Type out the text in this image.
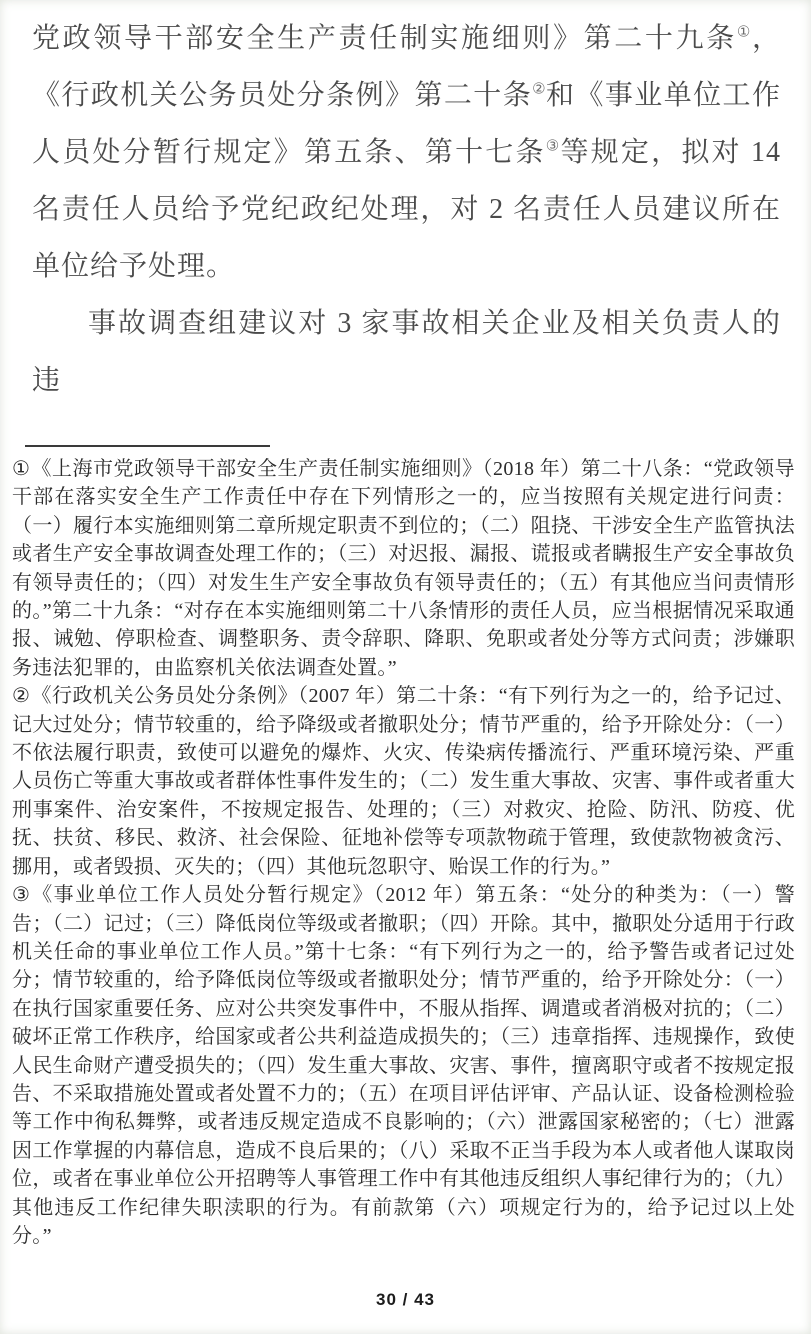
党政领导干部安全生产责任制实施细则》第二十九条①，《行政机关公务员处分条例》第二十条②和《事业单位工作人员处分暂行规定》第五条、第十七条③等规定，拟对 14 名责任人员给予党纪政纪处理，对 2 名责任人员建议所在单位给予处理。

事故调查组建议对 3 家事故相关企业及相关负责人的违

①《上海市党政领导干部安全生产责任制实施细则》（2018 年）第二十八条：“党政领导干部在落实安全生产工作责任中存在下列情形之一的，应当按照有关规定进行问责：（一）履行本实施细则第二章所规定职责不到位的；（二）阻挠、干涉安全生产监管执法或者生产安全事故调查处理工作的；（三）对迟报、漏报、谎报或者瞒报生产安全事故负有领导责任的；（四）对发生生产安全事故负有领导责任的；（五）有其他应当问责情形的。”第二十九条：“对存在本实施细则第二十八条情形的责任人员，应当根据情况采取通报、诫勉、停职检查、调整职务、责令辞职、降职、免职或者处分等方式问责；涉嫌职务违法犯罪的，由监察机关依法调查处置。”

②《行政机关公务员处分条例》（2007 年）第二十条：“有下列行为之一的，给予记过、记大过处分；情节较重的，给予降级或者撤职处分；情节严重的，给予开除处分：（一）不依法履行职责，致使可以避免的爆炸、火灾、传染病传播流行、严重环境污染、严重人员伤亡等重大事故或者群体性事件发生的；（二）发生重大事故、灾害、事件或者重大刑事案件、治安案件，不按规定报告、处理的；（三）对救灾、抢险、防汛、防疫、优抚、扶贫、移民、救济、社会保险、征地补偿等专项款物疏于管理，致使款物被贪污、挪用，或者毁损、灭失的；（四）其他玩忽职守、贻误工作的行为。”

③《事业单位工作人员处分暂行规定》（2012 年）第五条：“处分的种类为：（一）警告；（二）记过；（三）降低岗位等级或者撤职；（四）开除。其中，撤职处分适用于行政机关任命的事业单位工作人员。”第十七条：“有下列行为之一的，给予警告或者记过处分；情节较重的，给予降低岗位等级或者撤职处分；情节严重的，给予开除处分：（一）在执行国家重要任务、应对公共突发事件中，不服从指挥、调遣或者消极对抗的；（二）破坏正常工作秩序，给国家或者公共利益造成损失的；（三）违章指挥、违规操作，致使人民生命财产遭受损失的；（四）发生重大事故、灾害、事件，擅离职守或者不按规定报告、不采取措施处置或者处置不力的；（五）在项目评估评审、产品认证、设备检测检验等工作中徇私舞弊，或者违反规定造成不良影响的；（六）泄露国家秘密的；（七）泄露因工作掌握的内幕信息，造成不良后果的；（八）采取不正当手段为本人或者他人谋取岗位，或者在事业单位公开招聘等人事管理工作中有其他违反组织人事纪律行为的；（九）其他违反工作纪律失职渎职的行为。有前款第（六）项规定行为的，给予记过以上处分。”

30 / 43
